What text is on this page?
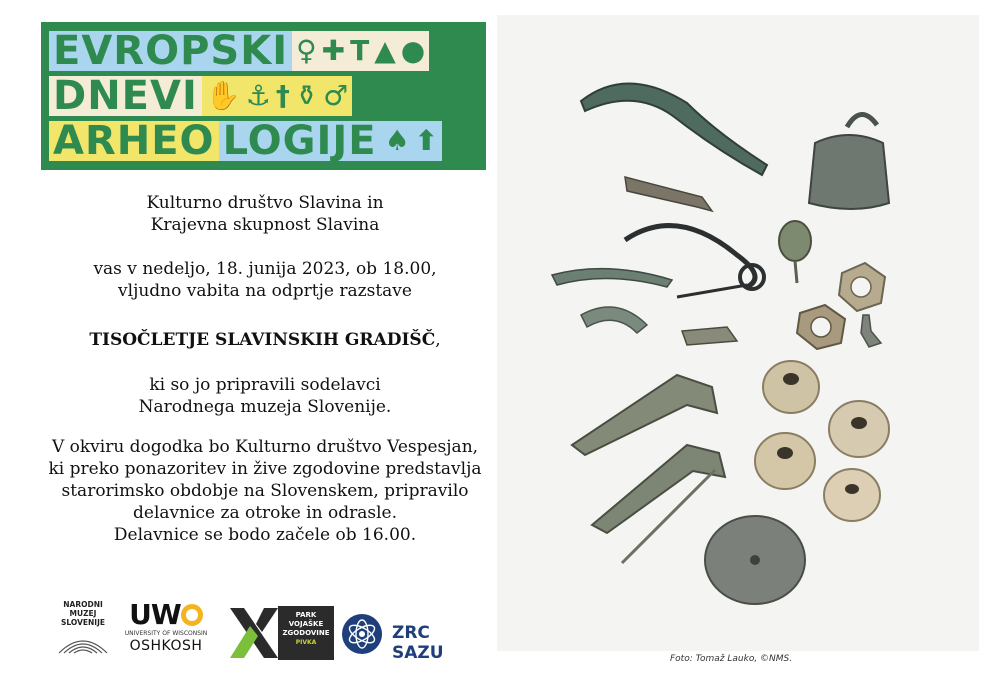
EVROPSKI ♀ ✚ T ▲ ●
DNEVI ✋ ⚓ † ⚱ ♂
ARHEO LOGIJE ♠ ⬆
Kulturno društvo Slavina in
Krajevna skupnost Slavina
vas v nedeljo, 18. junija 2023, ob 18.00,
vljudno vabita na odprtje razstave
TISOČLETJE SLAVINSKIH GRADIŠČ,
ki so jo pripravili sodelavci
Narodnega muzeja Slovenije.
V okviru dogodka bo Kulturno društvo Vespesjan,
ki preko ponazoritev in žive zgodovine predstavlja
starorimsko obdobje na Slovenskem, pripravilo
delavnice za otroke in odrasle.
Delavnice se bodo začele ob 16.00.
NARODNI
MUZEJ
SLOVENIJE UW
UNIVERSITY OF WISCONSIN
OSHKOSH
PARK
VOJAŠKE
ZGODOVINE
PIVKA	ZRC SAZU	Foto: Tomaž Lauko, ©NMS.
